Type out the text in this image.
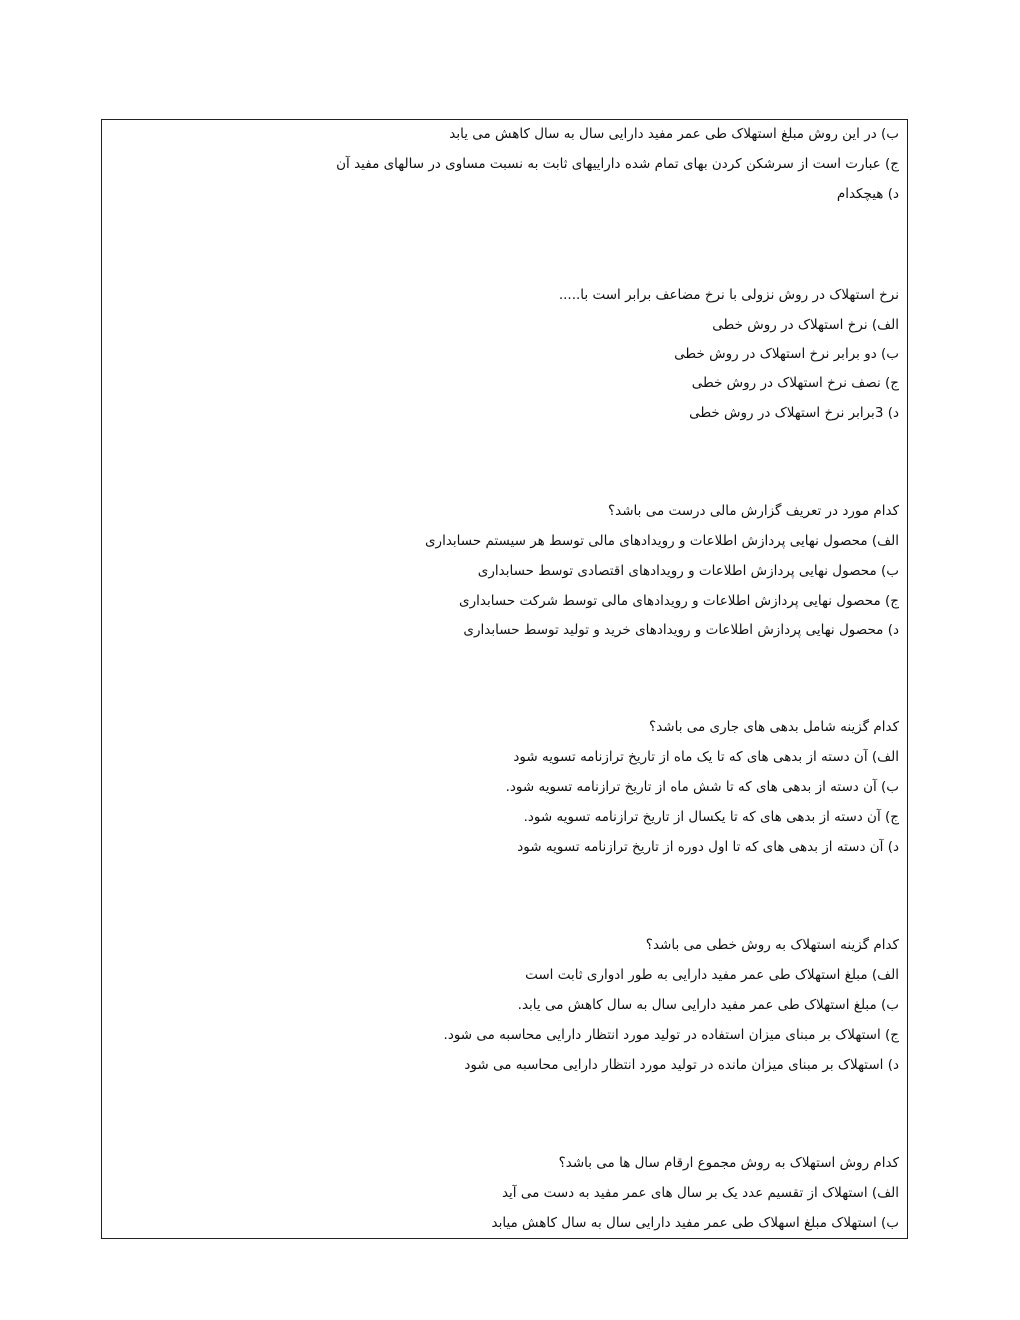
ب) در این روش مبلغ استهلاک طی عمر مفید دارایی سال به سال کاهش می یابد
ج) عبارت است از سرشکن کردن بهای تمام شده داراییهای ثابت به نسبت مساوی در سالهای مفید آن
د) هیچکدام
نرخ استهلاک در روش نزولی با نرخ مضاعف برابر است با.....
الف) نرخ استهلاک در روش خطی
ب) دو برابر نرخ استهلاک در روش خطی
ج) نصف نرخ استهلاک در روش خطی
د) 3برابر نرخ استهلاک در روش خطی
کدام مورد در تعریف گزارش مالی درست می باشد؟
الف) محصول نهایی پردازش اطلاعات و رویدادهای مالی توسط هر سیستم حسابداری
ب) محصول نهایی پردازش اطلاعات و رویدادهای اقتصادی توسط حسابداری
ج) محصول نهایی پردازش اطلاعات و رویدادهای مالی توسط شرکت حسابداری
د) محصول نهایی پردازش اطلاعات و رویدادهای خرید و تولید توسط حسابداری
کدام گزینه شامل بدهی های جاری می باشد؟
الف) آن دسته از بدهی های که تا یک ماه از تاریخ ترازنامه تسویه شود
ب) آن دسته از بدهی های که تا شش ماه از تاریخ ترازنامه تسویه شود.
ج) آن دسته از بدهی های که تا یکسال از تاریخ ترازنامه تسویه شود.
د) آن دسته از بدهی های که تا اول دوره از تاریخ ترازنامه تسویه شود
کدام گزینه استهلاک به روش خطی می باشد؟
الف) مبلغ استهلاک طی عمر مفید دارایی به طور ادواری ثابت است
ب) مبلغ استهلاک طی عمر مفید دارایی سال به سال کاهش می یابد.
ج) استهلاک بر مبنای میزان استفاده در تولید مورد انتظار دارایی محاسبه می شود.
د) استهلاک بر مبنای میزان مانده در تولید مورد انتظار دارایی محاسبه می شود
کدام روش استهلاک به روش مجموع ارقام سال ها می باشد؟
الف) استهلاک از تقسیم عدد یک بر سال های عمر مفید به دست می آید
ب) استهلاک مبلغ اسهلاک طی عمر مفید دارایی سال به سال کاهش میابد
